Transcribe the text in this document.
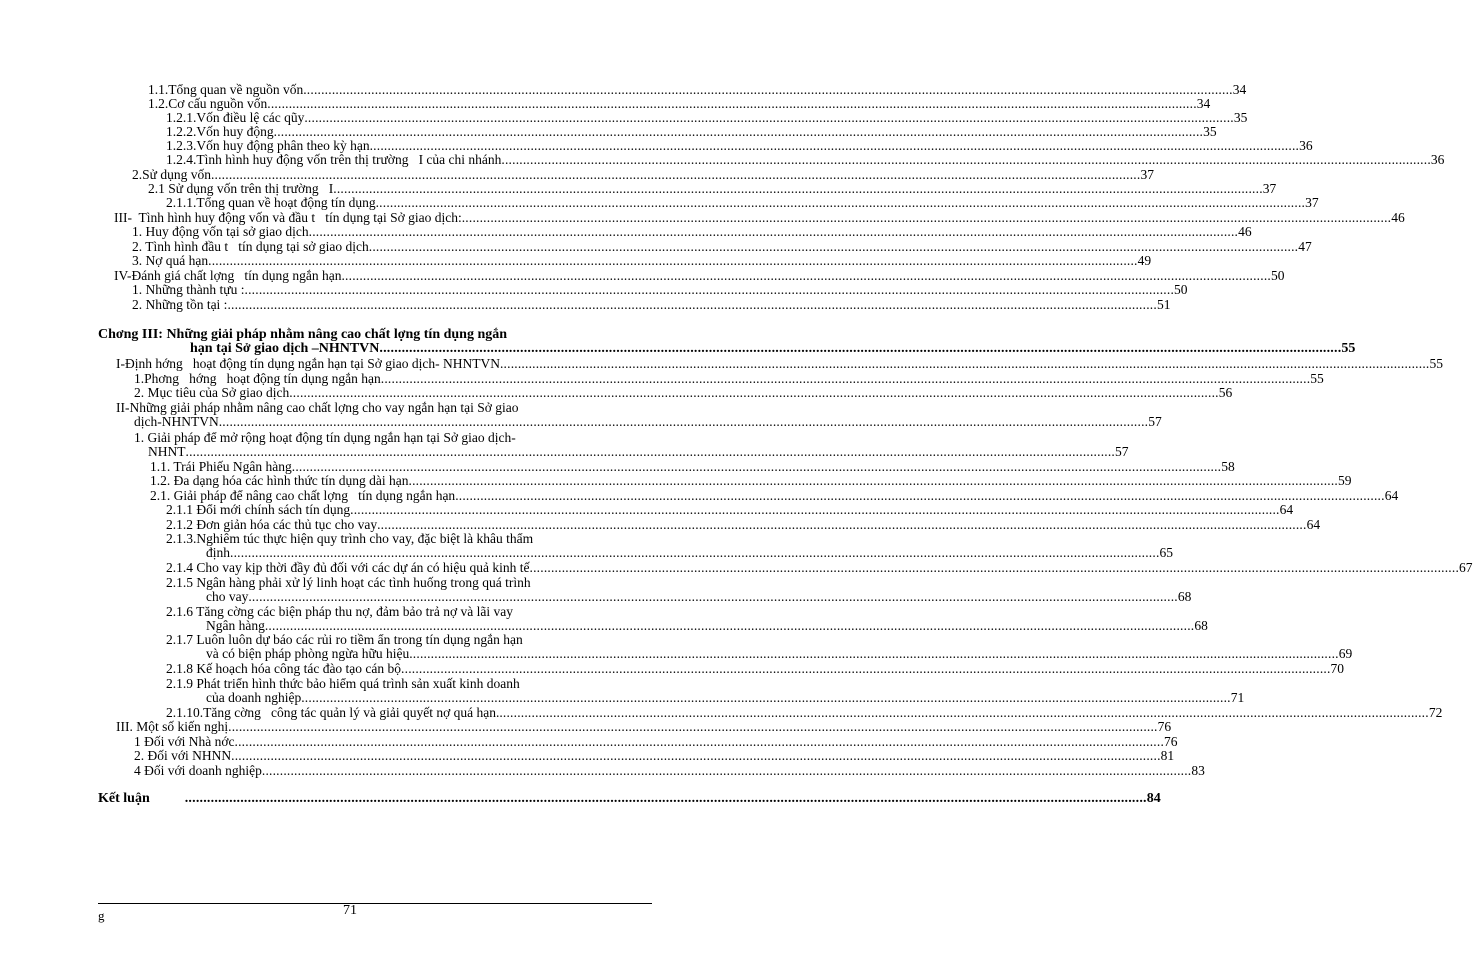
1.1.Tổng quan về nguồn vốn .................................................................................................................................................................................................................................................................... 34
1.2.Cơ cấu nguồn vốn .................................................................................................................................................................................................................................................................... 34
1.2.1.Vốn điều lệ các qũy .................................................................................................................................................................................................................................................................... 35
1.2.2.Vốn huy động .................................................................................................................................................................................................................................................................... 35
1.2.3.Vốn huy động phân theo kỳ hạn .................................................................................................................................................................................................................................................................... 36
1.2.4.Tình hình huy động vốn trên thị trường   I của chi nhánh .................................................................................................................................................................................................................................................................... 36
2.Sử dụng vốn .................................................................................................................................................................................................................................................................... 37
2.1 Sử dụng vốn trên thị trường   I .................................................................................................................................................................................................................................................................... 37
2.1.1.Tổng quan về hoạt động tín dụng .................................................................................................................................................................................................................................................................... 37
III-  Tình hình huy động vốn và đầu t   tín dụng tại Sở giao dịch: .................................................................................................................................................................................................................................................................... 46
1. Huy động vốn tại sở giao dịch .................................................................................................................................................................................................................................................................... 46
2. Tình hình đầu t   tín dụng tại sở giao dịch .................................................................................................................................................................................................................................................................... 47
3. Nợ quá hạn .................................................................................................................................................................................................................................................................... 49
IV-Đánh giá chất lợng   tín dụng ngắn hạn .................................................................................................................................................................................................................................................................... 50
1. Những thành tựu : .................................................................................................................................................................................................................................................................... 50
2. Những tồn tại : .................................................................................................................................................................................................................................................................... 51
Chơng III: Những giải pháp nhằm nâng cao chất lợng tín dụng ngắn
hạn tại Sở giao dịch –NHNTVN .................................................................................................................................................................................................................................................................... 55
I-Định hớng   hoạt động tín dụng ngắn hạn tại Sở giao dịch- NHNTVN .................................................................................................................................................................................................................................................................... 55
1.Phơng   hớng   hoạt động tín dụng ngắn hạn .................................................................................................................................................................................................................................................................... 55
2. Mục tiêu của Sở giao dịch .................................................................................................................................................................................................................................................................... 56
II-Những giải pháp nhằm nâng cao chất lợng cho vay ngắn hạn tại Sở giao
dịch-NHNTVN .................................................................................................................................................................................................................................................................... 57
1. Giải pháp để mở rộng hoạt động tín dụng ngắn hạn tại Sở giao dịch-
NHNT .................................................................................................................................................................................................................................................................... 57
1.1. Trái Phiếu Ngân hàng .................................................................................................................................................................................................................................................................... 58
1.2. Đa dạng hóa các hình thức tín dụng dài hạn .................................................................................................................................................................................................................................................................... 59
2.1. Giải pháp để nâng cao chất lợng   tín dụng ngắn hạn .................................................................................................................................................................................................................................................................... 64
2.1.1 Đổi mới chính sách tín dụng .................................................................................................................................................................................................................................................................... 64
2.1.2 Đơn giản hóa các thủ tục cho vay .................................................................................................................................................................................................................................................................... 64
2.1.3.Nghiêm túc thực hiện quy trình cho vay, đặc biệt là khâu thẩm
định .................................................................................................................................................................................................................................................................... 65
2.1.4 Cho vay kịp thời đầy đủ đối với các dự án có hiệu quả kinh tế .................................................................................................................................................................................................................................................................... 67
2.1.5 Ngân hàng phải xử lý linh hoạt các tình huống trong quá trình
cho vay .................................................................................................................................................................................................................................................................... 68
2.1.6 Tăng cờng các biện pháp thu nợ, đảm bảo trả nợ và lãi vay
Ngân hàng .................................................................................................................................................................................................................................................................... 68
2.1.7 Luôn luôn dự báo các rủi ro tiềm ẩn trong tín dụng ngắn hạn
và có biện pháp phòng ngừa hữu hiệu .................................................................................................................................................................................................................................................................... 69
2.1.8 Kế hoạch hóa công tác đào tạo cán bộ .................................................................................................................................................................................................................................................................... 70
2.1.9 Phát triển hình thức bảo hiểm quá trình sản xuất kinh doanh
của doanh nghiệp .................................................................................................................................................................................................................................................................... 71
2.1.10.Tăng cờng   công tác quản lý và giải quyết nợ quá hạn. .................................................................................................................................................................................................................................................................... 72
III. Một số kiến nghị .................................................................................................................................................................................................................................................................... 76
1 Đối với Nhà nớc .................................................................................................................................................................................................................................................................... 76
2. Đối với NHNN .................................................................................................................................................................................................................................................................... 81
4 Đối với doanh nghiệp .................................................................................................................................................................................................................................................................... 83
Kết luận .................................................................................................................................................................................................................................................................... 84
g	71
